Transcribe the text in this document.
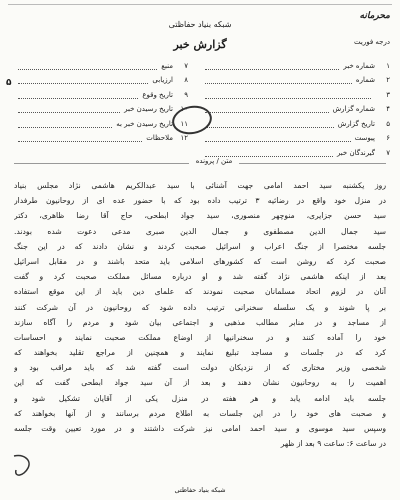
محرمانه
درجه فوریت
شبکه بنیاد حفاظتی
گزارش خبر
۱
شماره خبر
۲
شماره
۳
۴
شماره گزارش
۵
تاریخ گزارش
۶
پیوست
۷
گیرندگان خبر
۷
منبع
۸
ارزیابی
۹
تاریخ وقوع
۱۰
تاریخ رسیدن خبر
۱۱
تاریخ رسیدن خبر به
۱۲
ملاحظات
۵
متن / پرونده
روز یکشنبه سید احمد امامی جهت آشنائی با سید عبدالکریم هاشمی نژاد مجلس بنیاد
در منزل خود واقع در رضائیه ۳ ترتیب داده بود که با حضور عده ای از روحانیون طرفدار
سید حسن جزایری، منوچهر منصوری، سید جواد ابطحی، حاج آقا رضا ظاهری، دکتر
سید جمال الدین مصطفوی و جمال الدین صبری مدعی دعوت شده بودند.
جلسه مختصرا از جنگ اعراب و اسرائیل صحبت کردند و نشان دادند که در این جنگ
صحبت کرد که روشن است که کشورهای اسلامی باید متحد باشند و در مقابل اسرائیل
بعد از اینکه هاشمی نژاد گفته شد و او درباره مسائل مملکت صحبت کرد و گفت
آنان در لزوم اتحاد مسلمانان صحبت نمودند که علمای دین باید از این موقع استفاده
بر پا شوند و یک سلسله سخنرانی ترتیب داده شود که روحانیون در آن شرکت کنند
از مساجد و در منابر مطالب مذهبی و اجتماعی بیان شود و مردم را آگاه سازند
خود را آماده کنند و در سخنرانیها از اوضاع مملکت صحبت نمایند و احساسات
کرد که در جلسات و مساجد تبلیغ نمایند و همچنین از مراجع تقلید بخواهند که
شخصی وزیر مختاری که از نزدیکان دولت است گفته شد که باید مراقب بود و
اهمیت را به روحانیون نشان دهند و بعد از آن سید جواد ابطحی گفت که این
جلسه باید ادامه یابد و هر هفته در منزل یکی از آقایان تشکیل شود و
و صحبت های خود را در این جلسات به اطلاع مردم برسانند و از آنها بخواهند که
وسپس سید موسوی و سید احمد امامی نیز شرکت داشتند و در مورد تعیین وقت جلسه
در ساعت ۶: ساعت ۹ بعد از ظهر
شبکه بنیاد حفاظتی
